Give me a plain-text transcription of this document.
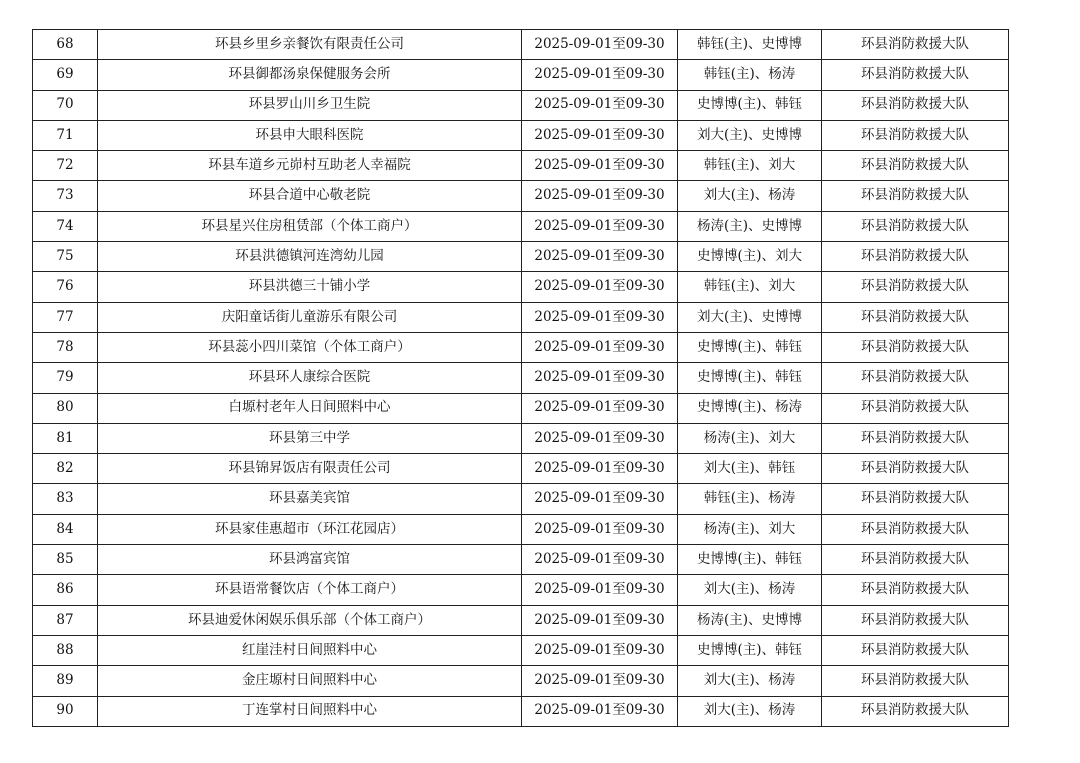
68	环县乡里乡亲餐饮有限责任公司	2025-09-01至09-30	韩钰(主)、史博博	环县消防救援大队
69	环县御都汤泉保健服务会所	2025-09-01至09-30	韩钰(主)、杨涛	环县消防救援大队
70	环县罗山川乡卫生院	2025-09-01至09-30	史博博(主)、韩钰	环县消防救援大队
71	环县申大眼科医院	2025-09-01至09-30	刘大(主)、史博博	环县消防救援大队
72	环县车道乡元峁村互助老人幸福院	2025-09-01至09-30	韩钰(主)、刘大	环县消防救援大队
73	环县合道中心敬老院	2025-09-01至09-30	刘大(主)、杨涛	环县消防救援大队
74	环县星兴住房租赁部（个体工商户）	2025-09-01至09-30	杨涛(主)、史博博	环县消防救援大队
75	环县洪德镇河连湾幼儿园	2025-09-01至09-30	史博博(主)、刘大	环县消防救援大队
76	环县洪德三十铺小学	2025-09-01至09-30	韩钰(主)、刘大	环县消防救援大队
77	庆阳童话街儿童游乐有限公司	2025-09-01至09-30	刘大(主)、史博博	环县消防救援大队
78	环县蕊小四川菜馆（个体工商户）	2025-09-01至09-30	史博博(主)、韩钰	环县消防救援大队
79	环县环人康综合医院	2025-09-01至09-30	史博博(主)、韩钰	环县消防救援大队
80	白塬村老年人日间照料中心	2025-09-01至09-30	史博博(主)、杨涛	环县消防救援大队
81	环县第三中学	2025-09-01至09-30	杨涛(主)、刘大	环县消防救援大队
82	环县锦昇饭店有限责任公司	2025-09-01至09-30	刘大(主)、韩钰	环县消防救援大队
83	环县嘉美宾馆	2025-09-01至09-30	韩钰(主)、杨涛	环县消防救援大队
84	环县家佳惠超市（环江花园店）	2025-09-01至09-30	杨涛(主)、刘大	环县消防救援大队
85	环县鸿富宾馆	2025-09-01至09-30	史博博(主)、韩钰	环县消防救援大队
86	环县语常餐饮店（个体工商户）	2025-09-01至09-30	刘大(主)、杨涛	环县消防救援大队
87	环县迪爱休闲娱乐俱乐部（个体工商户）	2025-09-01至09-30	杨涛(主)、史博博	环县消防救援大队
88	红崖洼村日间照料中心	2025-09-01至09-30	史博博(主)、韩钰	环县消防救援大队
89	金庄塬村日间照料中心	2025-09-01至09-30	刘大(主)、杨涛	环县消防救援大队
90	丁连掌村日间照料中心	2025-09-01至09-30	刘大(主)、杨涛	环县消防救援大队
